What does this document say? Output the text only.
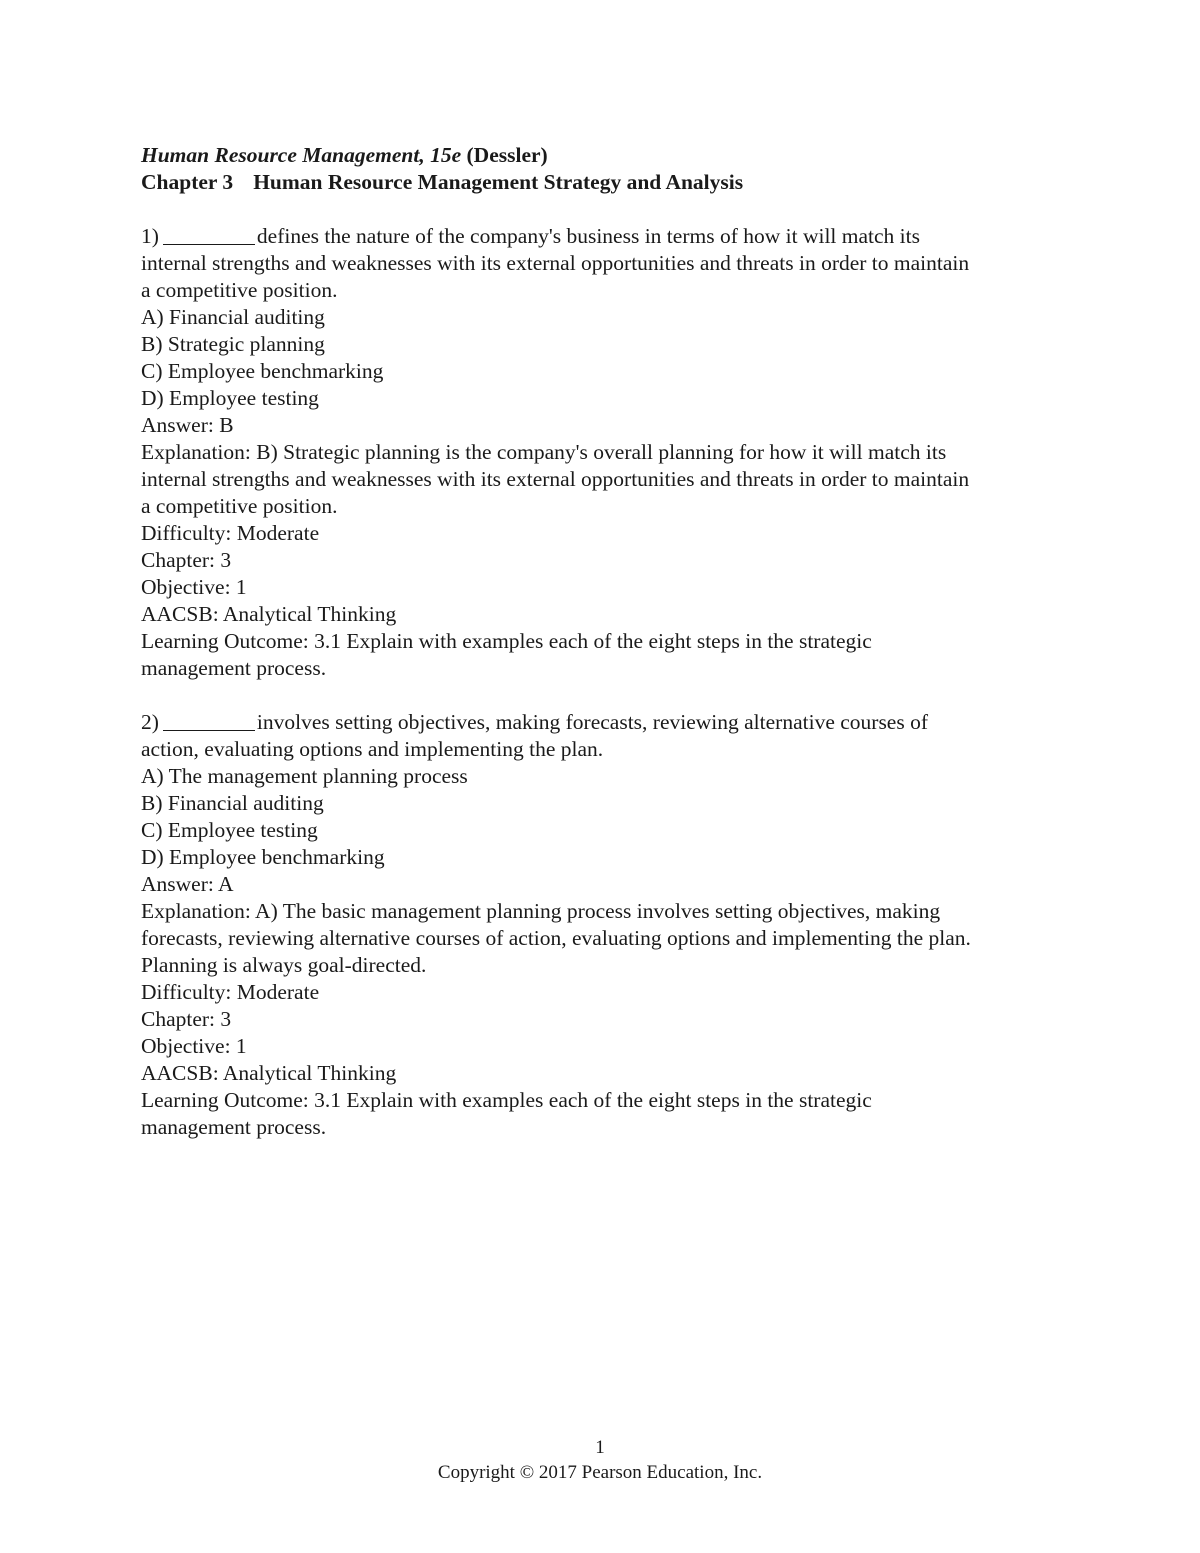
Human Resource Management, 15e (Dessler)
Chapter 3 Human Resource Management Strategy and Analysis
1)	defines the nature of the company's business in terms of how it will match its
internal strengths and weaknesses with its external opportunities and threats in order to maintain
a competitive position.
A) Financial auditing
B) Strategic planning
C) Employee benchmarking
D) Employee testing
Answer: B
Explanation: B) Strategic planning is the company's overall planning for how it will match its
internal strengths and weaknesses with its external opportunities and threats in order to maintain
a competitive position.
Difficulty: Moderate
Chapter: 3
Objective: 1
AACSB: Analytical Thinking
Learning Outcome: 3.1 Explain with examples each of the eight steps in the strategic
management process.
2)	involves setting objectives, making forecasts, reviewing alternative courses of
action, evaluating options and implementing the plan.
A) The management planning process
B) Financial auditing
C) Employee testing
D) Employee benchmarking
Answer: A
Explanation: A) The basic management planning process involves setting objectives, making
forecasts, reviewing alternative courses of action, evaluating options and implementing the plan.
Planning is always goal-directed.
Difficulty: Moderate
Chapter: 3
Objective: 1
AACSB: Analytical Thinking
Learning Outcome: 3.1 Explain with examples each of the eight steps in the strategic
management process.
1
Copyright © 2017 Pearson Education, Inc.
